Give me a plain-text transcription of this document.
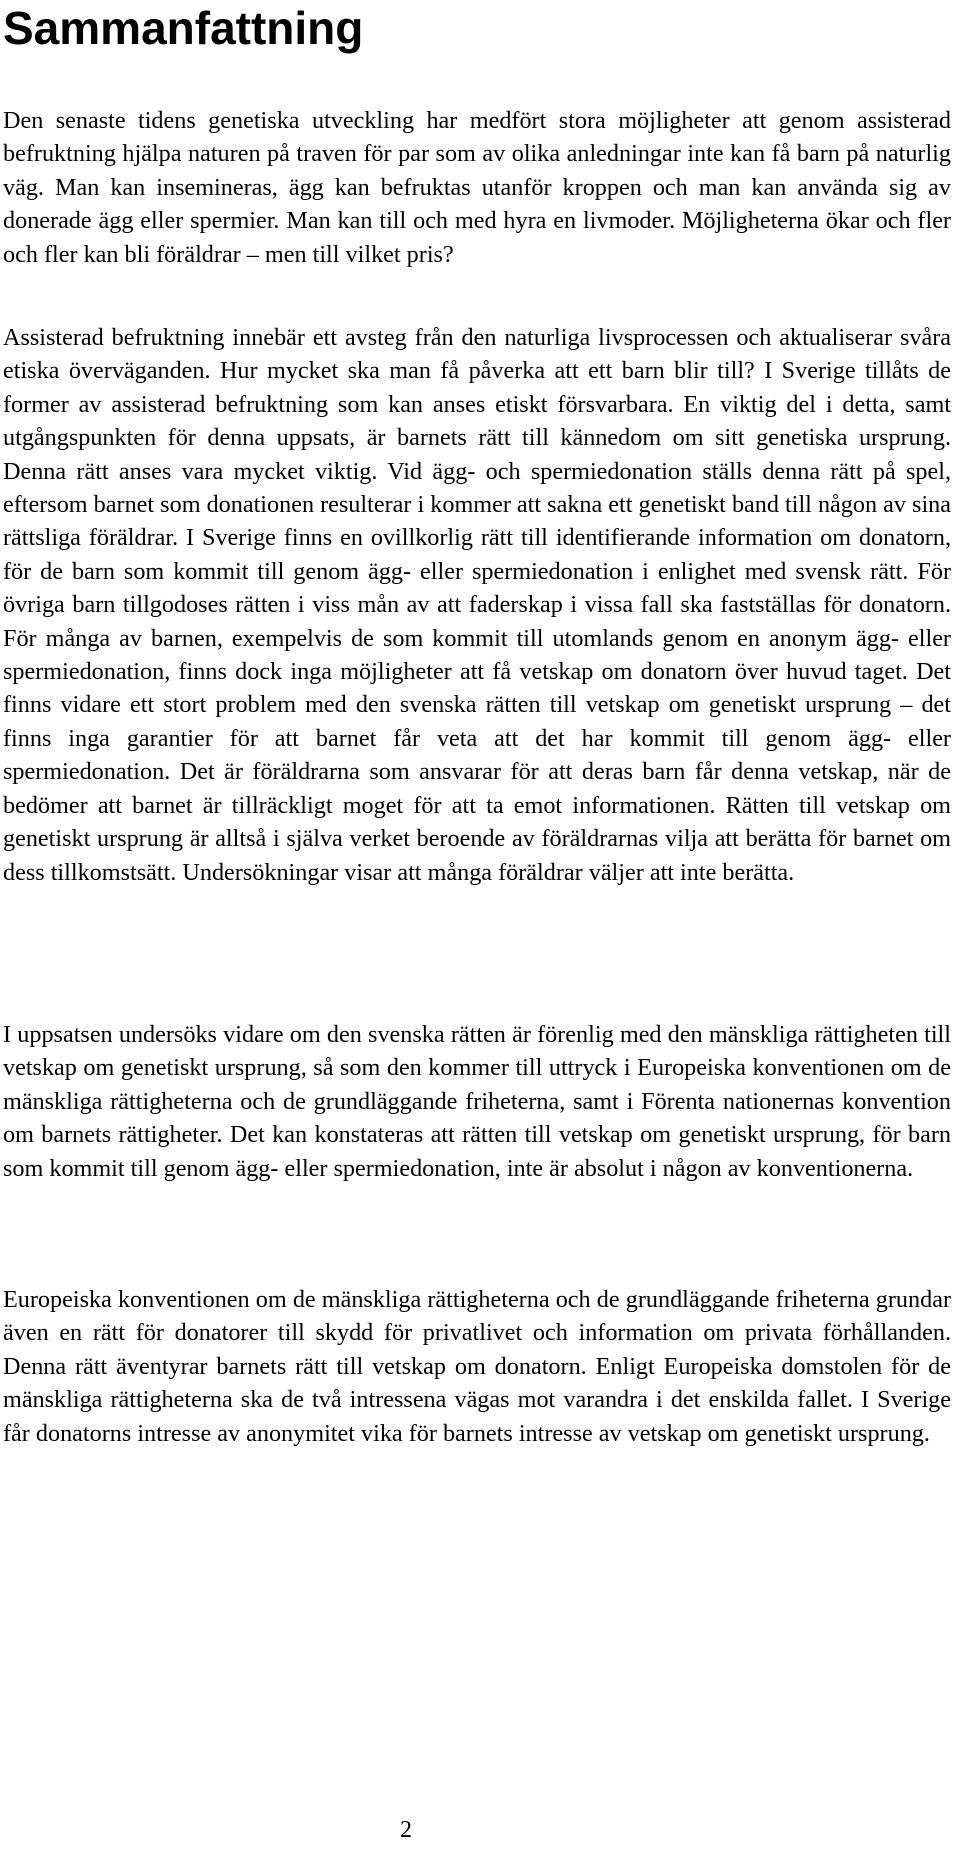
Sammanfattning

Den senaste tidens genetiska utveckling har medfört stora möjligheter att genom assisterad befruktning hjälpa naturen på traven för par som av olika anledningar inte kan få barn på naturlig väg. Man kan insemineras, ägg kan befruktas utanför kroppen och man kan använda sig av donerade ägg eller spermier. Man kan till och med hyra en livmoder. Möjligheterna ökar och fler och fler kan bli föräldrar – men till vilket pris?

Assisterad befruktning innebär ett avsteg från den naturliga livsprocessen och aktualiserar svåra etiska överväganden. Hur mycket ska man få påverka att ett barn blir till? I Sverige tillåts de former av assisterad befruktning som kan anses etiskt försvarbara. En viktig del i detta, samt utgångspunkten för denna uppsats, är barnets rätt till kännedom om sitt genetiska ursprung. Denna rätt anses vara mycket viktig. Vid ägg- och spermiedonation ställs denna rätt på spel, eftersom barnet som donationen resulterar i kommer att sakna ett genetiskt band till någon av sina rättsliga föräldrar. I Sverige finns en ovillkorlig rätt till identifierande information om donatorn, för de barn som kommit till genom ägg- eller spermiedonation i enlighet med svensk rätt. För övriga barn tillgodoses rätten i viss mån av att faderskap i vissa fall ska fastställas för donatorn. För många av barnen, exempelvis de som kommit till utomlands genom en anonym ägg- eller spermiedonation, finns dock inga möjligheter att få vetskap om donatorn över huvud taget. Det finns vidare ett stort problem med den svenska rätten till vetskap om genetiskt ursprung – det finns inga garantier för att barnet får veta att det har kommit till genom ägg- eller spermiedonation. Det är föräldrarna som ansvarar för att deras barn får denna vetskap, när de bedömer att barnet är tillräckligt moget för att ta emot informationen. Rätten till vetskap om genetiskt ursprung är alltså i själva verket beroende av föräldrarnas vilja att berätta för barnet om dess tillkomstsätt. Undersökningar visar att många föräldrar väljer att inte berätta.

I uppsatsen undersöks vidare om den svenska rätten är förenlig med den mänskliga rättigheten till vetskap om genetiskt ursprung, så som den kommer till uttryck i Europeiska konventionen om de mänskliga rättigheterna och de grundläggande friheterna, samt i Förenta nationernas konvention om barnets rättigheter. Det kan konstateras att rätten till vetskap om genetiskt ursprung, för barn som kommit till genom ägg- eller spermiedonation, inte är absolut i någon av konventionerna.

Europeiska konventionen om de mänskliga rättigheterna och de grundläggande friheterna grundar även en rätt för donatorer till skydd för privatlivet och information om privata förhållanden. Denna rätt äventyrar barnets rätt till vetskap om donatorn. Enligt Europeiska domstolen för de mänskliga rättigheterna ska de två intressena vägas mot varandra i det enskilda fallet. I Sverige får donatorns intresse av anonymitet vika för barnets intresse av vetskap om genetiskt ursprung.

2
